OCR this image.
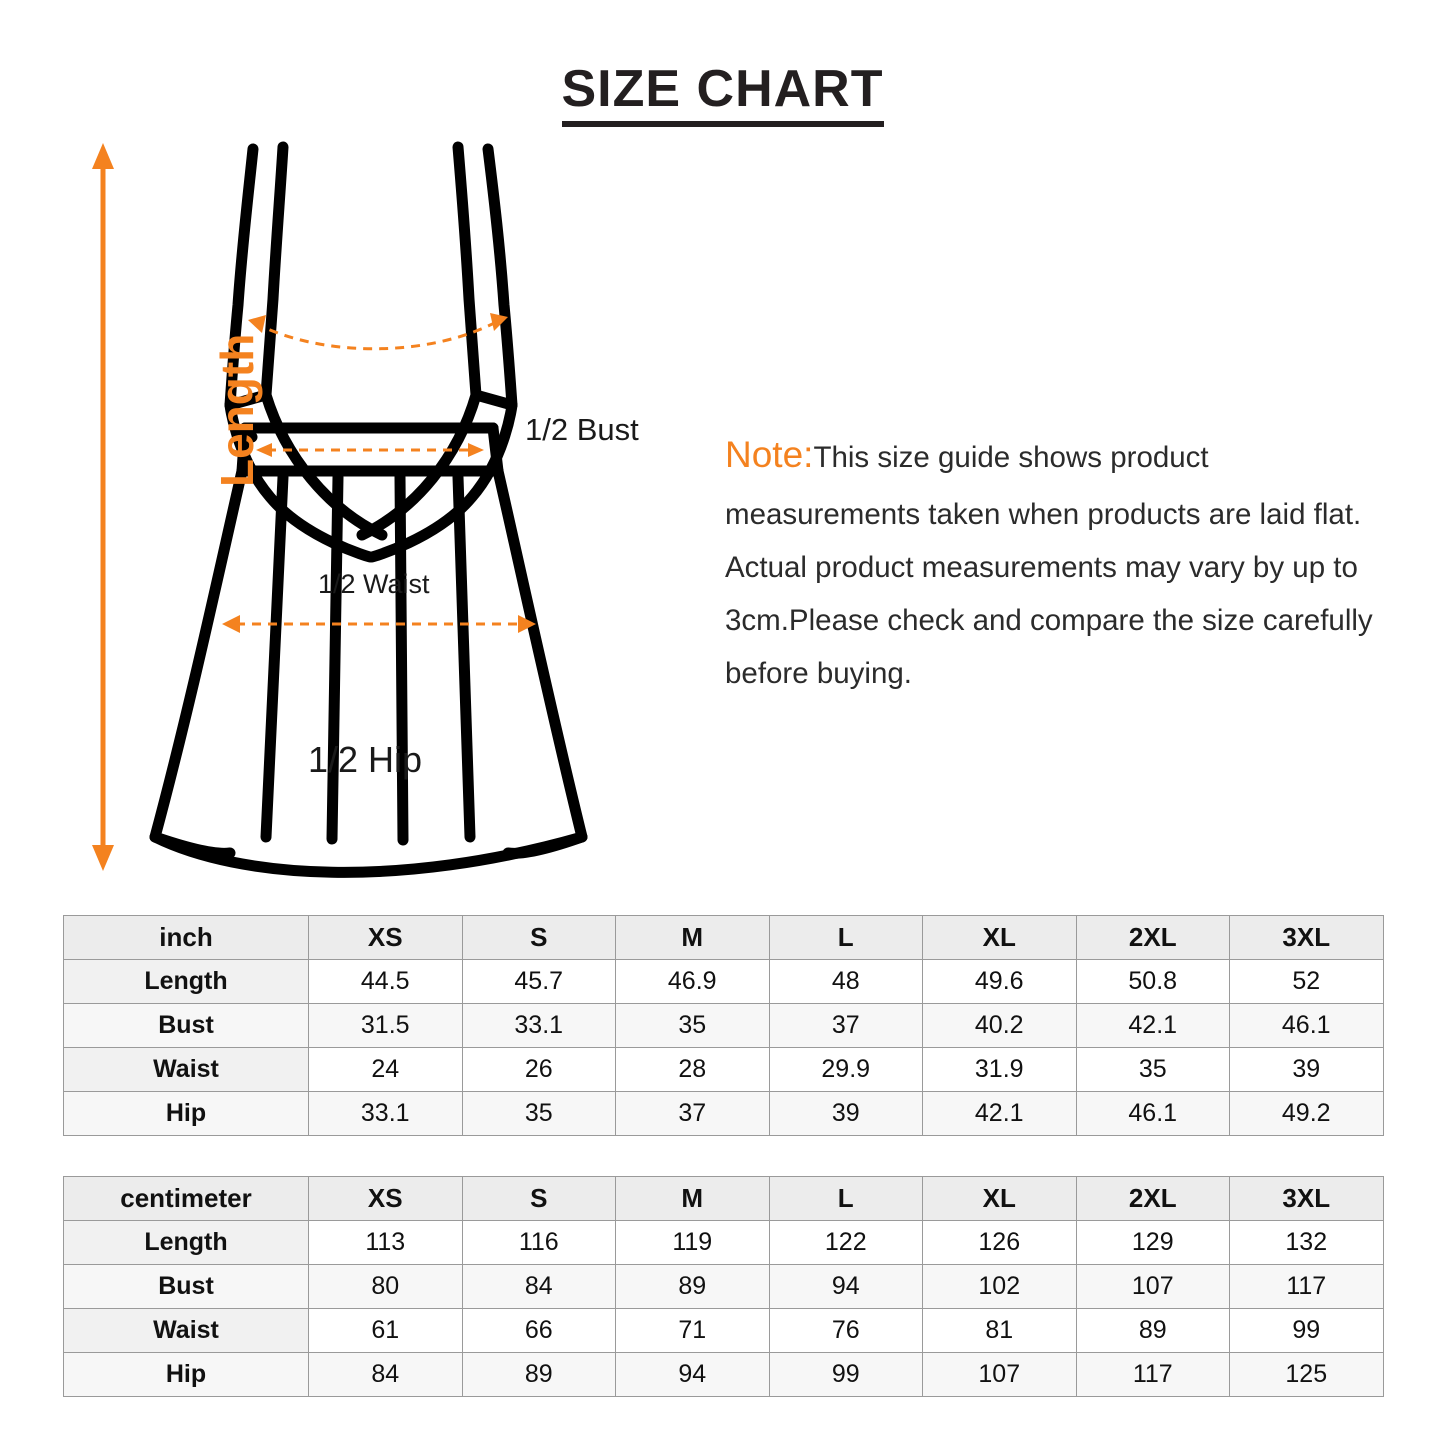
SIZE CHART
Length	1/2 Bust
1/2 Waist
1/2 Hip
Note:This size guide shows product measurements taken when products are laid flat. Actual product measurements may vary by up to 3cm.Please check and compare the size carefully before buying.
inch	XS	S	M	L	XL	2XL	3XL
Length	44.5	45.7	46.9	48	49.6	50.8	52
Bust	31.5	33.1	35	37	40.2	42.1	46.1
Waist	24	26	28	29.9	31.9	35	39
Hip	33.1	35	37	39	42.1	46.1	49.2
centimeter	XS	S	M	L	XL	2XL	3XL
Length	113	116	119	122	126	129	132
Bust	80	84	89	94	102	107	117
Waist	61	66	71	76	81	89	99
Hip	84	89	94	99	107	117	125
